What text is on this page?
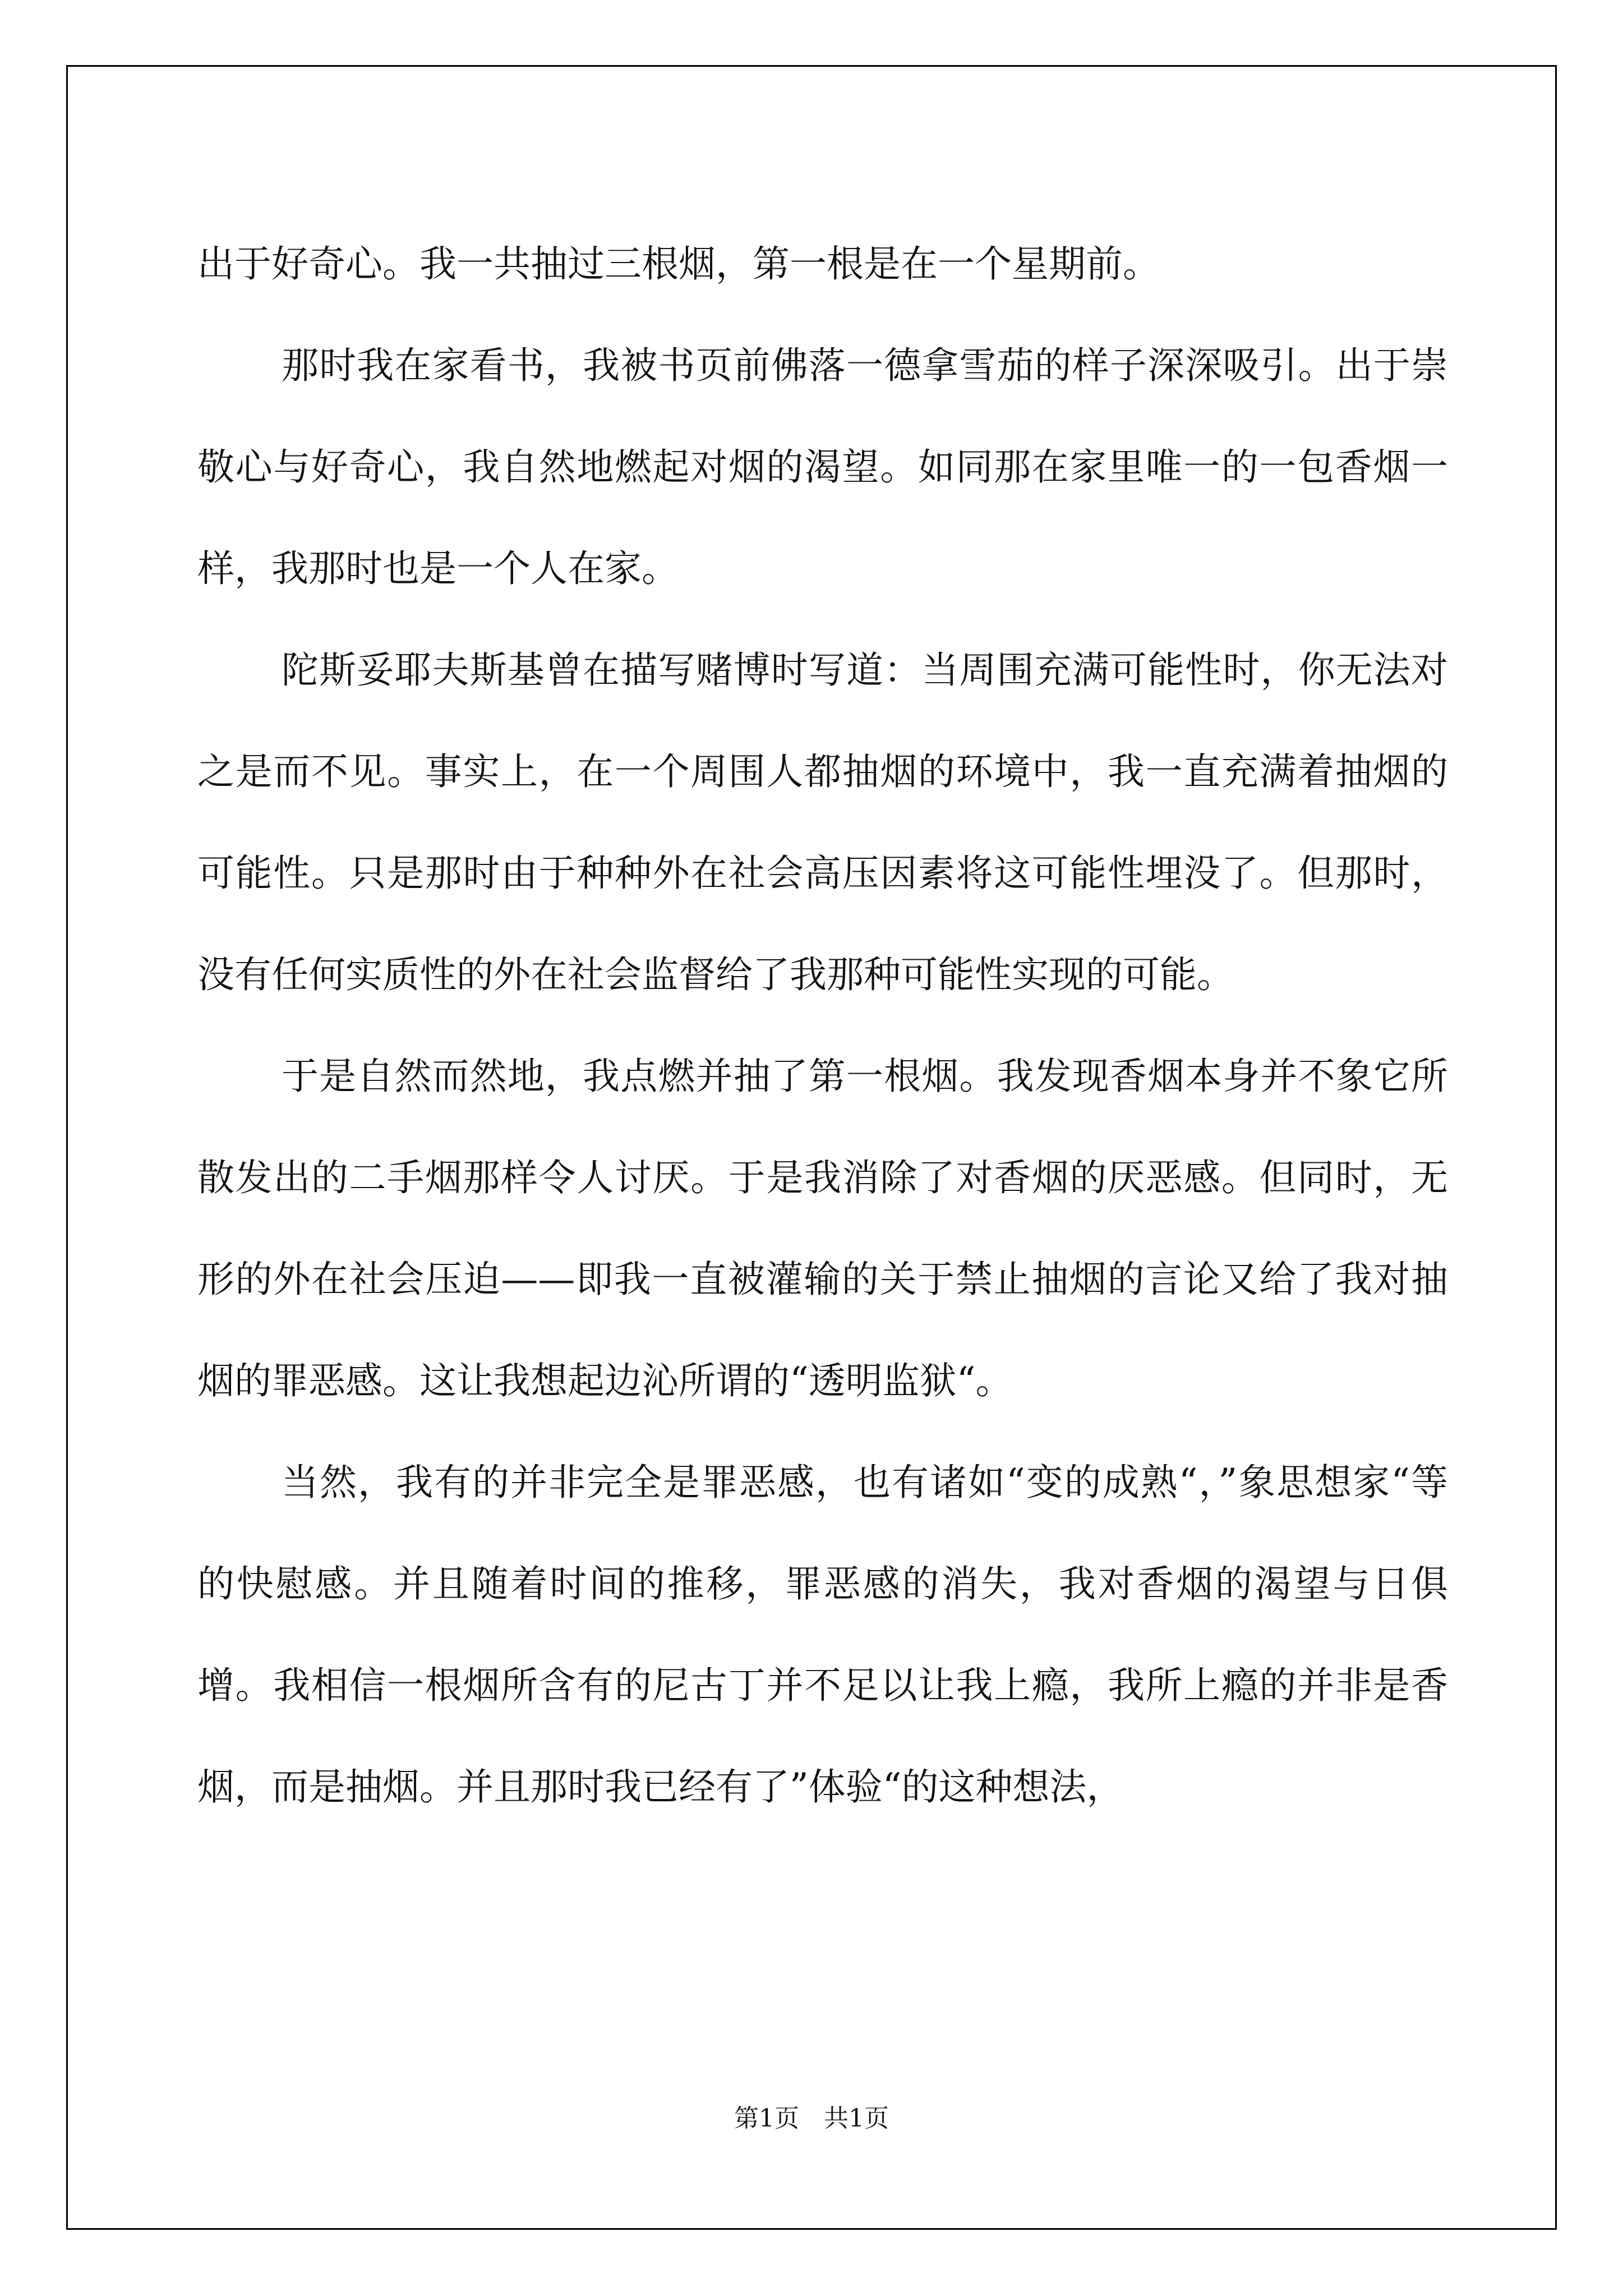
出于好奇心。我一共抽过三根烟，第一根是在一个星期前。

那时我在家看书，我被书页前佛落一德拿雪茄的样子深深吸引。出于崇敬心与好奇心，我自然地燃起对烟的渴望。如同那在家里唯一的一包香烟一样，我那时也是一个人在家。

陀斯妥耶夫斯基曾在描写赌博时写道：当周围充满可能性时，你无法对之是而不见。事实上，在一个周围人都抽烟的环境中，我一直充满着抽烟的可能性。只是那时由于种种外在社会高压因素将这可能性埋没了。但那时，没有任何实质性的外在社会监督给了我那种可能性实现的可能。

于是自然而然地，我点燃并抽了第一根烟。我发现香烟本身并不象它所散发出的二手烟那样令人讨厌。于是我消除了对香烟的厌恶感。但同时，无形的外在社会压迫——即我一直被灌输的关于禁止抽烟的言论又给了我对抽烟的罪恶感。这让我想起边沁所谓的“透明监狱“。

当然，我有的并非完全是罪恶感，也有诸如“变的成熟“，”象思想家“等的快慰感。并且随着时间的推移，罪恶感的消失，我对香烟的渴望与日俱增。我相信一根烟所含有的尼古丁并不足以让我上瘾，我所上瘾的并非是香烟，而是抽烟。并且那时我已经有了”体验“的这种想法，

第1页　共1页
